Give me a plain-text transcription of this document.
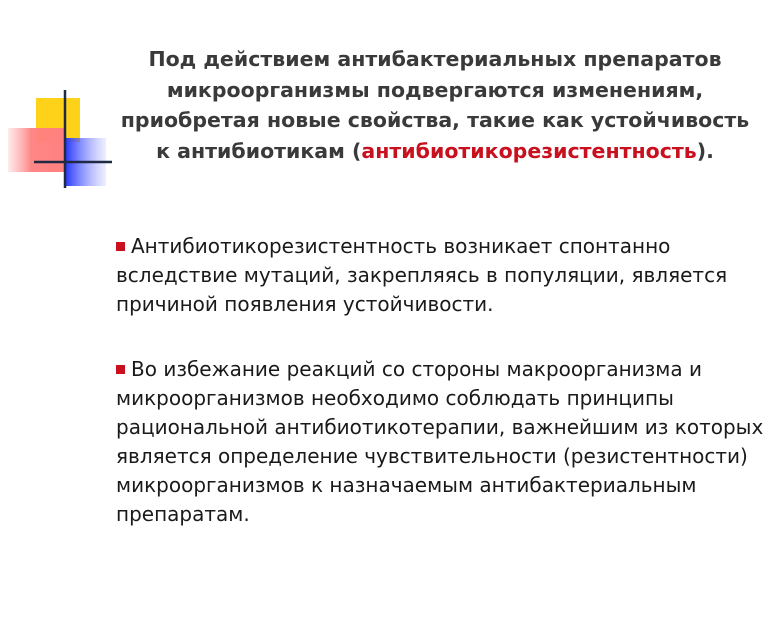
Под действием антибактериальных препаратов микроорганизмы подвергаются изменениям, приобретая новые свойства, такие как устойчивость к антибиотикам (антибиотикорезистентность).
Антибиотикорезистентность возникает спонтанно вследствие мутаций, закрепляясь в популяции, является причиной появления устойчивости.
Во избежание реакций со стороны макроорганизма и микроорганизмов необходимо соблюдать принципы рациональной антибиотикотерапии, важнейшим из которых является определение чувствительности (резистентности) микроорганизмов к назначаемым антибактериальным препаратам.
